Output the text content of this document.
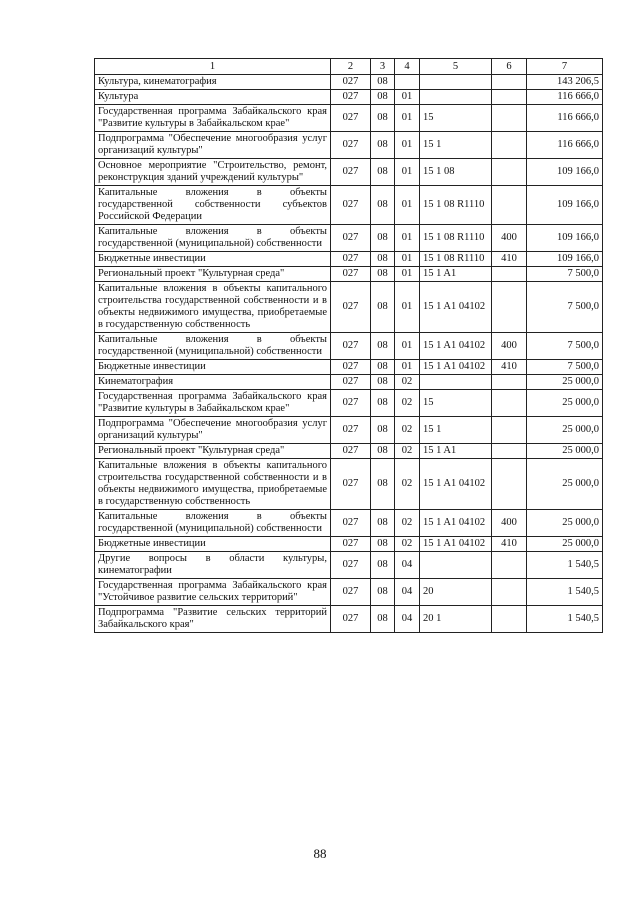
1	2	3	4	5	6	7
Культура, кинематография	027	08				143 206,5
Культура	027	08	01			116 666,0
Государственная программа Забайкальского края "Развитие культуры в Забайкальском крае"	027	08	01	15		116 666,0
Подпрограмма "Обеспечение многообразия услуг организаций культуры"	027	08	01	15 1		116 666,0
Основное мероприятие "Строительство, ремонт, реконструкция зданий учреждений культуры"	027	08	01	15 1 08		109 166,0
Капитальные вложения в объекты государственной собственности субъектов Российской Федерации	027	08	01	15 1 08 R1110		109 166,0
Капитальные вложения в объекты государственной (муниципальной) собственности	027	08	01	15 1 08 R1110	400	109 166,0
Бюджетные инвестиции	027	08	01	15 1 08 R1110	410	109 166,0
Региональный проект "Культурная среда"	027	08	01	15 1 A1		7 500,0
Капитальные вложения в объекты капитального строительства государственной собственности и в объекты недвижимого имущества, приобретаемые в государственную собственность	027	08	01	15 1 A1 04102		7 500,0
Капитальные вложения в объекты государственной (муниципальной) собственности	027	08	01	15 1 A1 04102	400	7 500,0
Бюджетные инвестиции	027	08	01	15 1 A1 04102	410	7 500,0
Кинематография	027	08	02			25 000,0
Государственная программа Забайкальского края "Развитие культуры в Забайкальском крае"	027	08	02	15		25 000,0
Подпрограмма "Обеспечение многообразия услуг организаций культуры"	027	08	02	15 1		25 000,0
Региональный проект "Культурная среда"	027	08	02	15 1 A1		25 000,0
Капитальные вложения в объекты капитального строительства государственной собственности и в объекты недвижимого имущества, приобретаемые в государственную собственность	027	08	02	15 1 A1 04102		25 000,0
Капитальные вложения в объекты государственной (муниципальной) собственности	027	08	02	15 1 A1 04102	400	25 000,0
Бюджетные инвестиции	027	08	02	15 1 A1 04102	410	25 000,0
Другие вопросы в области культуры, кинематографии	027	08	04			1 540,5
Государственная программа Забайкальского края "Устойчивое развитие сельских территорий"	027	08	04	20		1 540,5
Подпрограмма "Развитие сельских территорий Забайкальского края"	027	08	04	20 1		1 540,5
88
